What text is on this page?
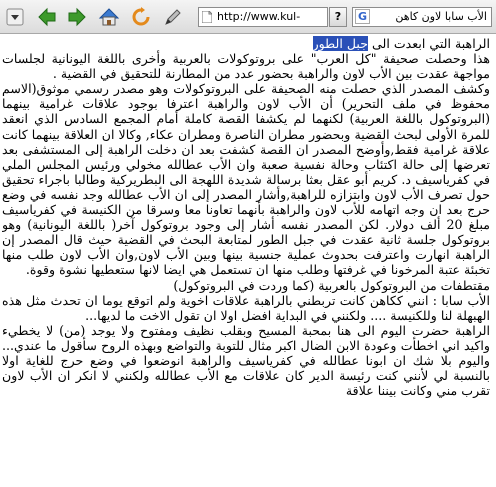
http://www.kul-	?	G	الأب سابا لاون كاهن

الراهبة التي ابعدت الى جبل الطور

هذا وحصلت صحيفة "كل العرب" على بروتوكولات بالعربية وأخرى باللغة اليونانية لجلسات مواجهة عقدت بين الأب لاون والراهبة بحضور عدد من المطارنة للتحقيق في القضية .

وكشف المصدر الذي حصلت منه الصحيفة على البروتوكولات وهو مصدر رسمي موثوق(الاسم محفوظ في ملف التحرير) أن الأب لاون والراهبة اعترفا بوجود علاقات غرامية بينهما (البروتوكول باللغة العربية) لكنهما لم يكشفا القصة كاملة أمام المجمع السادس الذي انعقد للمرة الأولى لبحث القضية وبحضور مطران الناصرة ومطران عكاء, وكالا ان العلاقة بينهما كانت علاقة غرامية فقط,وأوضح المصدر ان القصة كشفت بعد ان دخلت الراهبة إلى المستشفى بعد تعرضها إلى حالة اكتئاب وحالة نفسية صعبة وان الأب عطالله مخولي ورئيس المجلس الملي في كفرياسيف د. كريم أبو عقل بعثا برسالة شديدة اللهجة الى البطريركية وطالبا باجراء تحقيق حول تصرف الأب لاون وابتزازه للراهبة,وأشار المصدر إلى ان الأب عطالله وجد نفسه في وضع حرج بعد ان وجه اتهامه للأب لاون والراهبة بأنهما تعاونا معا وسرقا من الكنيسة في كفرياسيف مبلغ 20 ألف دولار. لكن المصدر نفسه أشار إلى وجود بروتوكول آخر( باللغة اليونانية) وهو بروتوكول جلسة ثانية عقدت في جبل الطور لمتابعة البحث في القضية حيث قال المصدر إن الراهبة انهارت واعترفت بحدوث عملية جنسية بينها وبين الأب لاون,وان الأب لاون طلب منها تخبئة عتبة المرخونا في غرفتها وطلب منها ان تستعمل هي ايضا لانها ستعطيها نشوة وقوة.

مقتطفات من البروتوكول بالعربية (كما وردت في البروتوكول)

الأب سابا : انني ككاهن كانت تربطني بالراهبة علاقات اخوية ولم اتوقع يوما ان تحدث مثل هذه الهبهلة لنا وللكنيسة .... ولكنني في البداية افضل اولا ان تقول الاخت ما لديها...

الراهبة حضرت اليوم الى هنا بمحبة المسيح وبقلب نظيف ومفتوح ولا يوجد (من) لا يخطيء واكيد اني اخطأت وعودة الابن الضال اكبر مثال للتوبة والتواضع وبهذه الروح سأقول ما عندي... واليوم بلا شك ان ابونا عطالله في كفرياسيف والراهبة انوضعوا في وضع حرج للغاية اولا بالنسبة لي لأنني كنت رئيسة الدير كان علاقات مع الأب عطالله ولكنني لا انكر ان الأب لاون تقرب مني وكانت بيننا علاقة
